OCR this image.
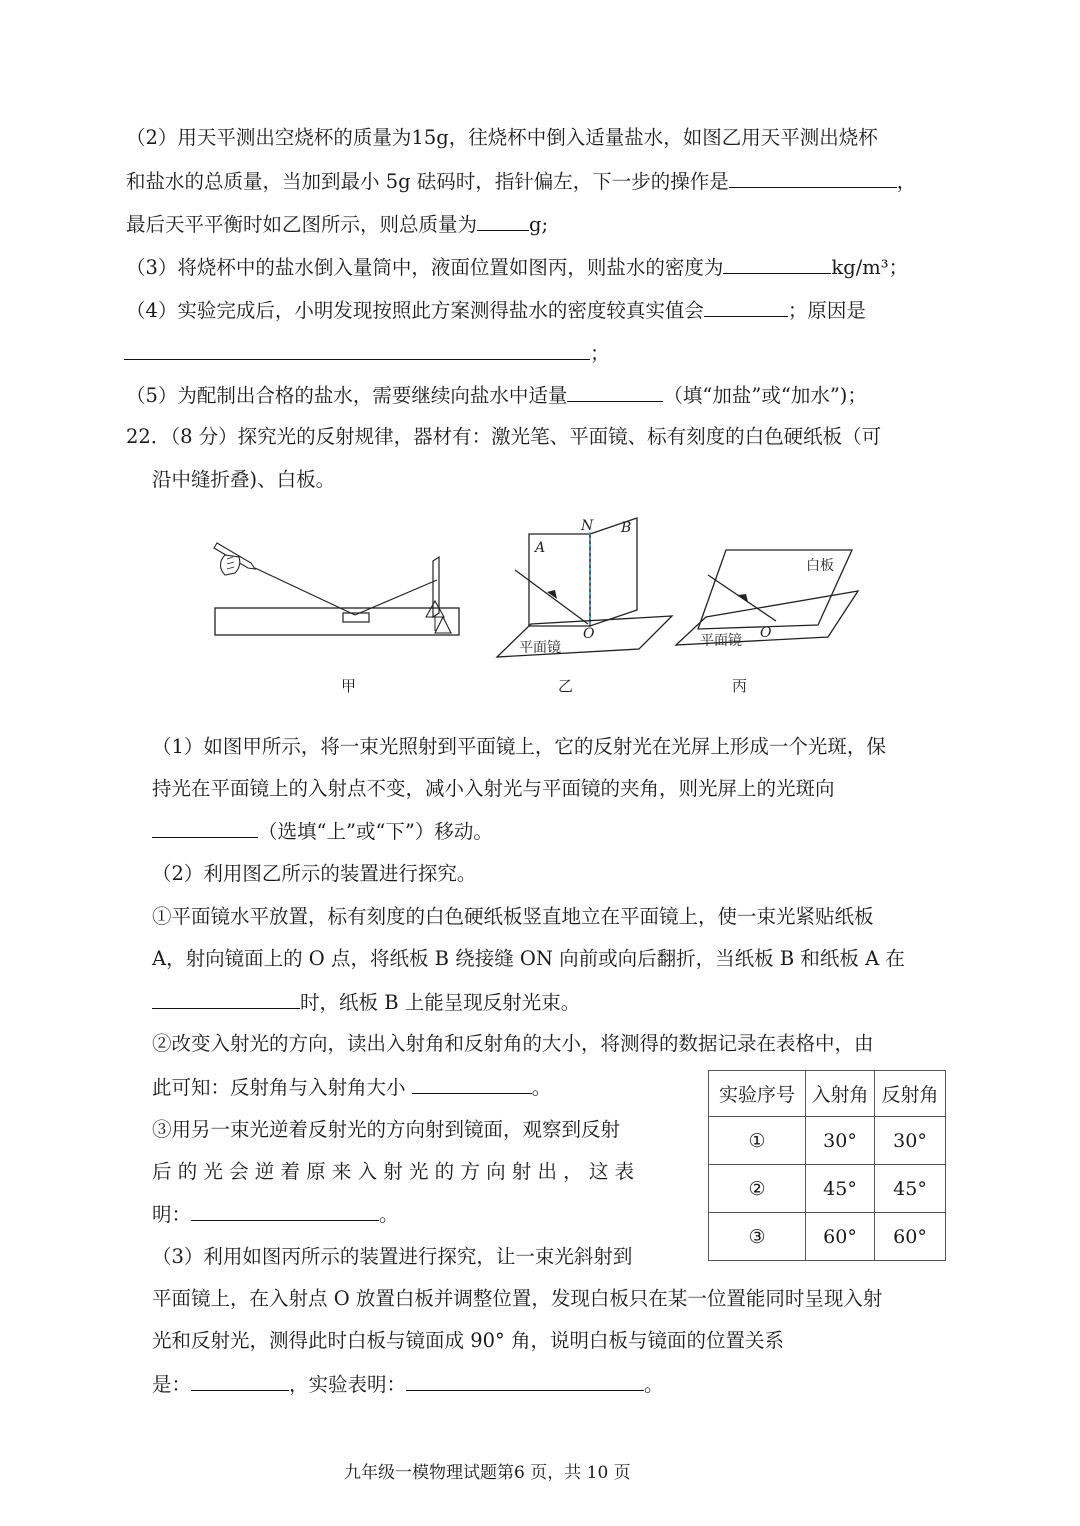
（2）用天平测出空烧杯的质量为15g，往烧杯中倒入适量盐水，如图乙用天平测出烧杯
和盐水的总质量，当加到最小 5g 砝码时，指针偏左，下一步的操作是	，
最后天平平衡时如乙图所示，则总质量为	g;
（3）将烧杯中的盐水倒入量筒中，液面位置如图丙，则盐水的密度为	kg/m³；
（4）实验完成后，小明发现按照此方案测得盐水的密度较真实值会	；原因是
；
（5）为配制出合格的盐水，需要继续向盐水中适量	（填“加盐”或“加水”)；
22．（8 分）探究光的反射规律，器材有：激光笔、平面镜、标有刻度的白色硬纸板（可
沿中缝折叠)、白板。
甲
N
A
B
O
平面镜
乙
白板
O
平面镜
丙
（1）如图甲所示，将一束光照射到平面镜上，它的反射光在光屏上形成一个光斑，保
持光在平面镜上的入射点不变，减小入射光与平面镜的夹角，则光屏上的光斑向
（选填“上”或“下”）移动。
（2）利用图乙所示的装置进行探究。
①平面镜水平放置，标有刻度的白色硬纸板竖直地立在平面镜上，使一束光紧贴纸板
A，射向镜面上的 O 点，将纸板 B 绕接缝 ON 向前或向后翻折，当纸板 B 和纸板 A 在
时，纸板 B 上能呈现反射光束。
②改变入射光的方向，读出入射角和反射角的大小，将测得的数据记录在表格中，由
此可知：反射角与入射角大小	。
③用另一束光逆着反射光的方向射到镜面，观察到反射
后 的 光 会 逆 着 原 来 入 射 光 的 方 向 射 出 ， 这 表
明：	。
实验序号	入射角	反射角
①	30°	30°
②	45°	45°
③	60°	60°
（3）利用如图丙所示的装置进行探究，让一束光斜射到
平面镜上，在入射点 O 放置白板并调整位置，发现白板只在某一位置能同时呈现入射
光和反射光，测得此时白板与镜面成 90° 角，说明白板与镜面的位置关系
是：	，实验表明：	。
九年级一模物理试题第6 页，共 10 页
